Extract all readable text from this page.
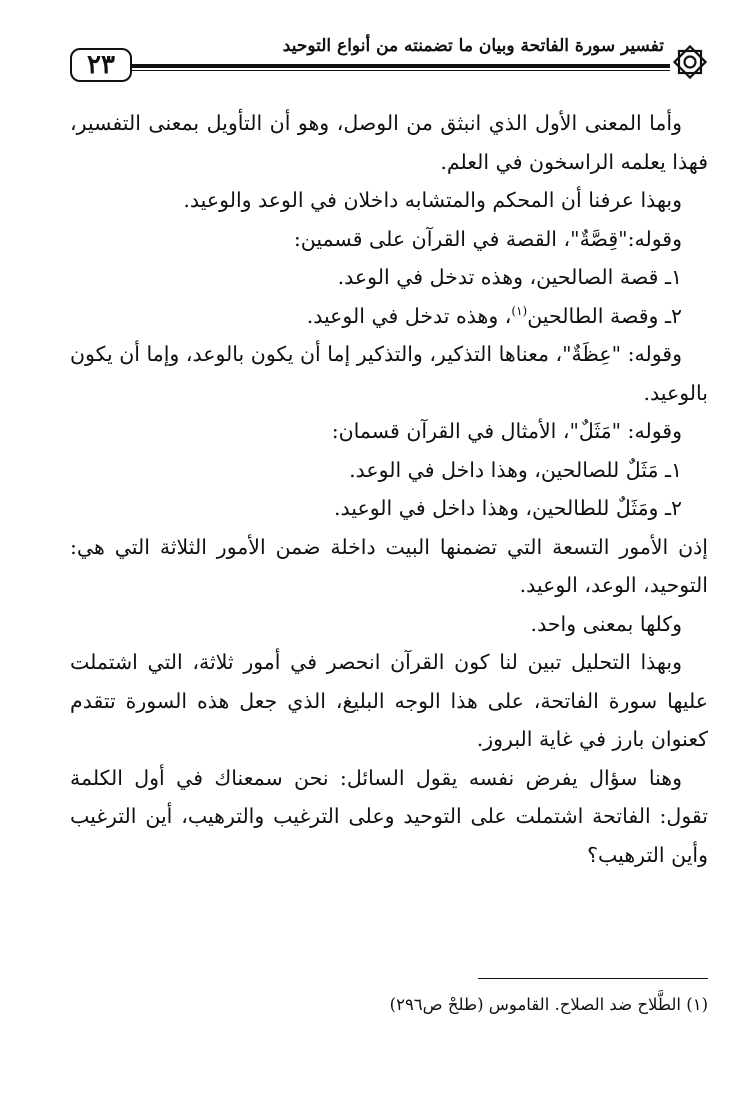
٢٣
تفسير سورة الفاتحة وبيان ما تضمنته من أنواع التوحيد

وأما المعنى الأول الذي انبثق من الوصل، وهو أن التأويل بمعنى التفسير، فهذا يعلمه الراسخون في العلم.

وبهذا عرفنا أن المحكم والمتشابه داخلان في الوعد والوعيد.

وقوله:"قِصَّةٌ"، القصة في القرآن على قسمين:

١ـ قصة الصالحين، وهذه تدخل في الوعد.

٢ـ وقصة الطالحين$^{(١)}$، وهذه تدخل في الوعيد.

وقوله: "عِظَةٌ"، معناها التذكير، والتذكير إما أن يكون بالوعد، وإما أن يكون بالوعيد.

وقوله: "مَثَلٌ"، الأمثال في القرآن قسمان:

١ـ مَثَلٌ للصالحين، وهذا داخل في الوعد.

٢ـ ومَثَلٌ للطالحين، وهذا داخل في الوعيد.

إذن الأمور التسعة التي تضمنها البيت داخلة ضمن الأمور الثلاثة التي هي: التوحيد، الوعد، الوعيد.

وكلها بمعنى واحد.

وبهذا التحليل تبين لنا كون القرآن انحصر في أمور ثلاثة، التي اشتملت عليها سورة الفاتحة، على هذا الوجه البليغ، الذي جعل هذه السورة تتقدم كعنوان بارز في غاية البروز.

وهنا سؤال يفرض نفسه يقول السائل: نحن سمعناك في أول الكلمة تقول: الفاتحة اشتملت على التوحيد وعلى الترغيب والترهيب، أين الترغيب وأين الترهيب؟

(١) الطَّلاح ضد الصلاح. القاموس (طلحْ ص٢٩٦)
